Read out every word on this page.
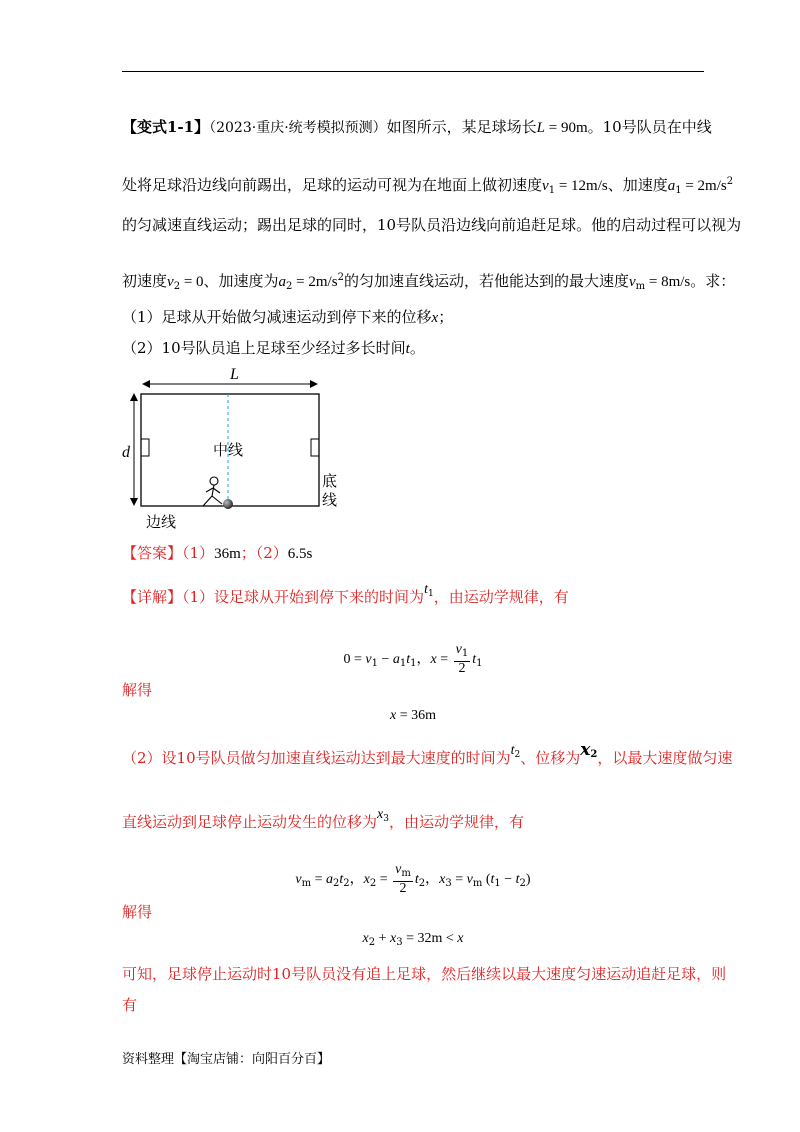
【变式1-1】（2023·重庆·统考模拟预测）如图所示，某足球场长L = 90m。10号队员在中线
处将足球沿边线向前踢出，足球的运动可视为在地面上做初速度$v_1 = 12m/s$、加速度$a_1 = 2m/s^2$
的匀减速直线运动；踢出足球的同时，10号队员沿边线向前追赶足球。他的启动过程可以视为
初速度$v_2 = 0$、加速度为$a_2 = 2m/s^2$的匀加速直线运动，若他能达到的最大速度$v_m = 8m/s$。求：
（1）足球从开始做匀减速运动到停下来的位移x；
（2）10号队员追上足球至少经过多长时间t。
L
d	中线
底
线
边线
【答案】（1）36m；（2）6.5s
【详解】（1）设足球从开始到停下来的时间为$t_1$，由运动学规律，有
$0 = v_1 - a_1t_1$，$x = \frac{v_1}{2} t_1$
解得
x = 36m
（2）设10号队员做匀加速直线运动达到最大速度的时间为$t_2$、位移为$x_2$，以最大速度做匀速
直线运动到足球停止运动发生的位移为$x_3$，由运动学规律，有
$v_m = a_2t_2$，$x_2 = \frac{v_m}{2} t_2$，$x_3 = v_m$ $(t_1 - t_2)$
解得
$x_2 + x_3 = 32m < x$
可知，足球停止运动时10号队员没有追上足球，然后继续以最大速度匀速运动追赶足球，则
有
资料整理【淘宝店铺：向阳百分百】
